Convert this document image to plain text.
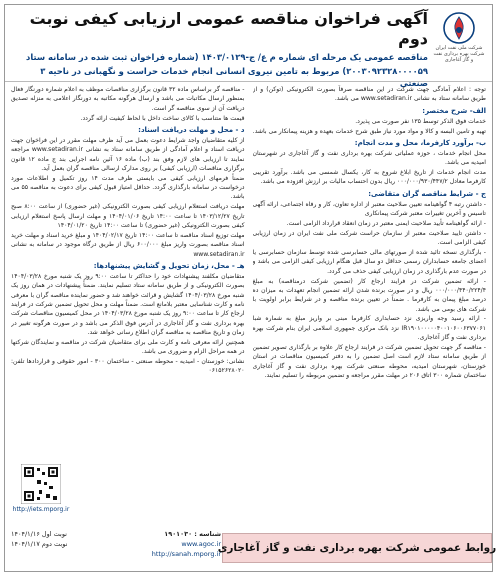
شرکت ملی نفت ایران
شرکت بهره برداری نفت و گاز آغاجاری
آگهی فراخوان مناقصه عمومی ارزیابی کیفی نوبت دوم
مناقصه عمومی یک مرحله ای شماره م ع/ ج-۱۴۰۳/۰۱۲۹ (شماره فراخوان ثبت شده در سامانه ستاد
۲۰۰۳۰۹۲۳۲۸۰۰۰۰۵۹) مربوط به تامین نیروی انسانی انجام خدمات حراست و نگهبانی در ناحیه ۳ صنعتی

توجه : اعلام آمادگی جهت شرکت در این مناقصه صرفاً بصورت الکترونیکی (توکن) و از طریق سامانه ستاد به نشانی www.setadiran.ir می باشد.

الف- شرح مختصر:

خدمات فوق الذکر توسط ۱۳۵ نفر صورت می پذیرد.

تهیه و تامین البسه و کالا و مواد مورد نیاز طبق شرح خدمات بعهده و هزینه پیمانکار می باشد.

ب- برآورد کارفرما، محل و مدت انجام:

محل انجام خدمات ، حوزه عملیاتی شرکت بهره برداری نفت و گاز آغاجاری در شهرستان امیدیه می باشد.

مدت انجام خدمات از تاریخ ابلاغ شروع به کار، یکسال شمسی می باشد. برآورد تقریبی کارفرما معادل ۰۰۰/۰۰۰/۹۳۰/۴۴۷/۲ ریال بدون احتساب مالیات بر ارزش افزوده می باشد.

ج - شرایط مناقصه گران متقاضی:

- داشتن رتبه ۴ گواهینامه تعیین صلاحیت معتبر از اداره تعاون، کار و رفاه اجتماعی، ارائه آگهی تاسیس و آخرین تغییرات معتبر شرکت پیمانکاری

- ارائه گواهینامه تأیید صلاحیت ایمنی معتبر در زمان انعقاد قرارداد الزامی است.

- داشتن تایید صلاحیت معتبر از سازمان حراست شرکت ملی نفت ایران در زمان ارزیابی کیفی الزامی است.

- بارگذاری نسخه تائید شده از صورتهای مالی حسابرسی شده توسط سازمان حسابرسی یا اعضای جامعه حسابداران رسمی حداقل دو سال قبل هنگام ارزیابی کیفی الزامی می باشد و در صورت عدم بارگذاری در زمان ارزیابی کیفی حذف می گردد.

- ارائه تضمین شرکت در فرایند ارجاع کار (تضمین شرکت درمناقصه) به مبلغ ۰۰۰/۰۰۰/۴۴۰/۲۲۴/۴ ریال و در صورت برنده شدن ارائه تضمین انجام تعهدات به میزان ده درصد مبلغ پیمان به کارفرما . ضمناً در تعیین برنده مناقصه و در شرایط برابر اولویت با شرکت های بومی می باشد.

- ارائه رسید وجه واریزی نزد حسابداری کارفرما مبنی بر واریز مبلغ به شماره شبا IR۱۹۰۱۰۰۰۰۰۴۰۰۱۰۶۰۰۶۳۷۷۰۶۱ نزد بانک مرکزی جمهوری اسلامی ایران بنام شرکت بهره برداری نفت و گاز آغاجاری.

- مناقصه گر جهت تحویل تضمین شرکت در فرایند ارجاع کار علاوه بر بارگذاری تصویر تضمین از طریق سامانه ستاد لازم است اصل تضمین را به دفتر کمیسیون مناقصات در استان خوزستان، شهرستان امیدیه، محوطه صنعتی شرکت بهره برداری نفت و گاز آغاجاری ساختمان شماره ۳۰۰ اتاق ۲۰۶ در مهلت مقرر مراجعه و تضمین مربوطه را تسلیم نمایند.

- مناقصه گر براساس ماده ۳۲ قانون برگزاری مناقصات موظف به اعلام شماره دورنگار فعال بمنظور ارسال مکاتبات می باشد و ارسال هرگونه مکاتبه به دورنگار اعلامی به منزله تصدیق دریافت آن از سوی مناقصه گر است.

قیمت ها متناسب با کالای ساخت داخل با لحاظ کیفیت ارائه گردد.

د - محل و مهلت دریافت اسناد:

از کلیه متقاضیان واجد شرایط دعوت بعمل می آید ظرف مهلت مقرر در این فراخوان جهت دریافت اسناد و اعلام آمادگی از طریق سامانه ستاد به نشانی www.setadiran.ir مراجعه نمایند تا ارزیابی های لازم وفق بند (ب) ماده ۱۶ آئین نامه اجرایی بند ج ماده ۱۲ قانون برگزاری مناقصات (ارزیابی کیفی) بر روی مدارک ارسالی مناقصه گران بعمل آید.

ضمناً فرمهای ارزیابی کیفی می بایستی ظرف مدت ۱۴ روز تکمیل و اطلاعات مورد درخواست در سامانه بارگذاری گردد. حداقل امتیاز قبول کیفی برای دعوت به مناقصه ۵۵ می باشد.

مهلت دریافت استعلام ارزیابی کیفی بصورت الکترونیکی (غیر حضوری) از ساعت ۸:۰۰ صبح تاریخ ۱۴۰۳/۱۲/۲۷ تا ساعت ۱۴:۰۰ تاریخ ۱۴۰۴/۰۱/۰۶ و مهلت ارسال پاسخ استعلام ارزیابی کیفی بصورت الکترونیکی (غیر حضوری) تا ساعت ۱۴:۰۰ تاریخ ۱۴۰۴/۰۱/۲۰

مهلت توزیع اسناد مناقصه تا ساعت ۱۴:۰۰ تاریخ ۱۴۰۴/۰۲/۱۷ و مبلغ خرید اسناد و مهلت خرید اسناد مناقصه بصورت واریز مبلغ ۶۰۰/۰۰۰ ریال از طریق درگاه موجود در سامانه به نشانی www.setadiran.ir

هـ - محل، زمان تحویل و گشایش پیشنهادها:

متقاضیان مکلفند پیشنهادات خود را حداکثر تا ساعت ۹:۰۰ روز یک شنبه مورخ ۱۴۰۴/۰۳/۲۸ بصورت الکترونیکی و از طریق سامانه ستاد تسلیم نمایند. ضمناً پیشنهادات در همان روز یک شنبه مورخ ۱۴۰۴/۰۳/۲۸ گشایش و قرائت خواهند شد و حضور نماینده مناقصه گران با معرفی نامه و کارت شناسایی معتبر بلامانع است. ضمناً مهلت و محل تحویل تضمین شرکت در فرایند ارجاع کار تا ساعت ۹:۰۰ روز یک شنبه مورخ ۱۴۰۴/۰۳/۲۸ در محل کمیسیون مناقصات شرکت بهره برداری نفت و گاز آغاجاری در آدرس فوق الذکر می باشد و در صورت هرگونه تغییر در زمان و تاریخ مناقصه به مناقصه گران اطلاع رسانی خواهد شد.

همچنین ارائه معرفی نامه و کارت ملی برای متقاضیان شرکت در مناقصه و نمایندگان شرکتها در همه مراحل الزام و ضروری می باشد.

نشانی: خوزستان - امیدیه - محوطه صنعتی - ساختمان ۳۰۰ - امور حقوقی و قراردادها تلفن: ۰۶۱۵۲۶۲۸۰۲۰

روابط عمومی شرکت بهره برداری نفت و گاز آغاجاری
شناسه : ۱۹۰۱۰۳۰
نوبت اول ۱۴۰۴/۱/۱۶
www.agoc.ir
نوبت دوم ۱۴۰۴/۱/۱۷
http://sanah.mporg.ir
http://iets.mporg.ir
